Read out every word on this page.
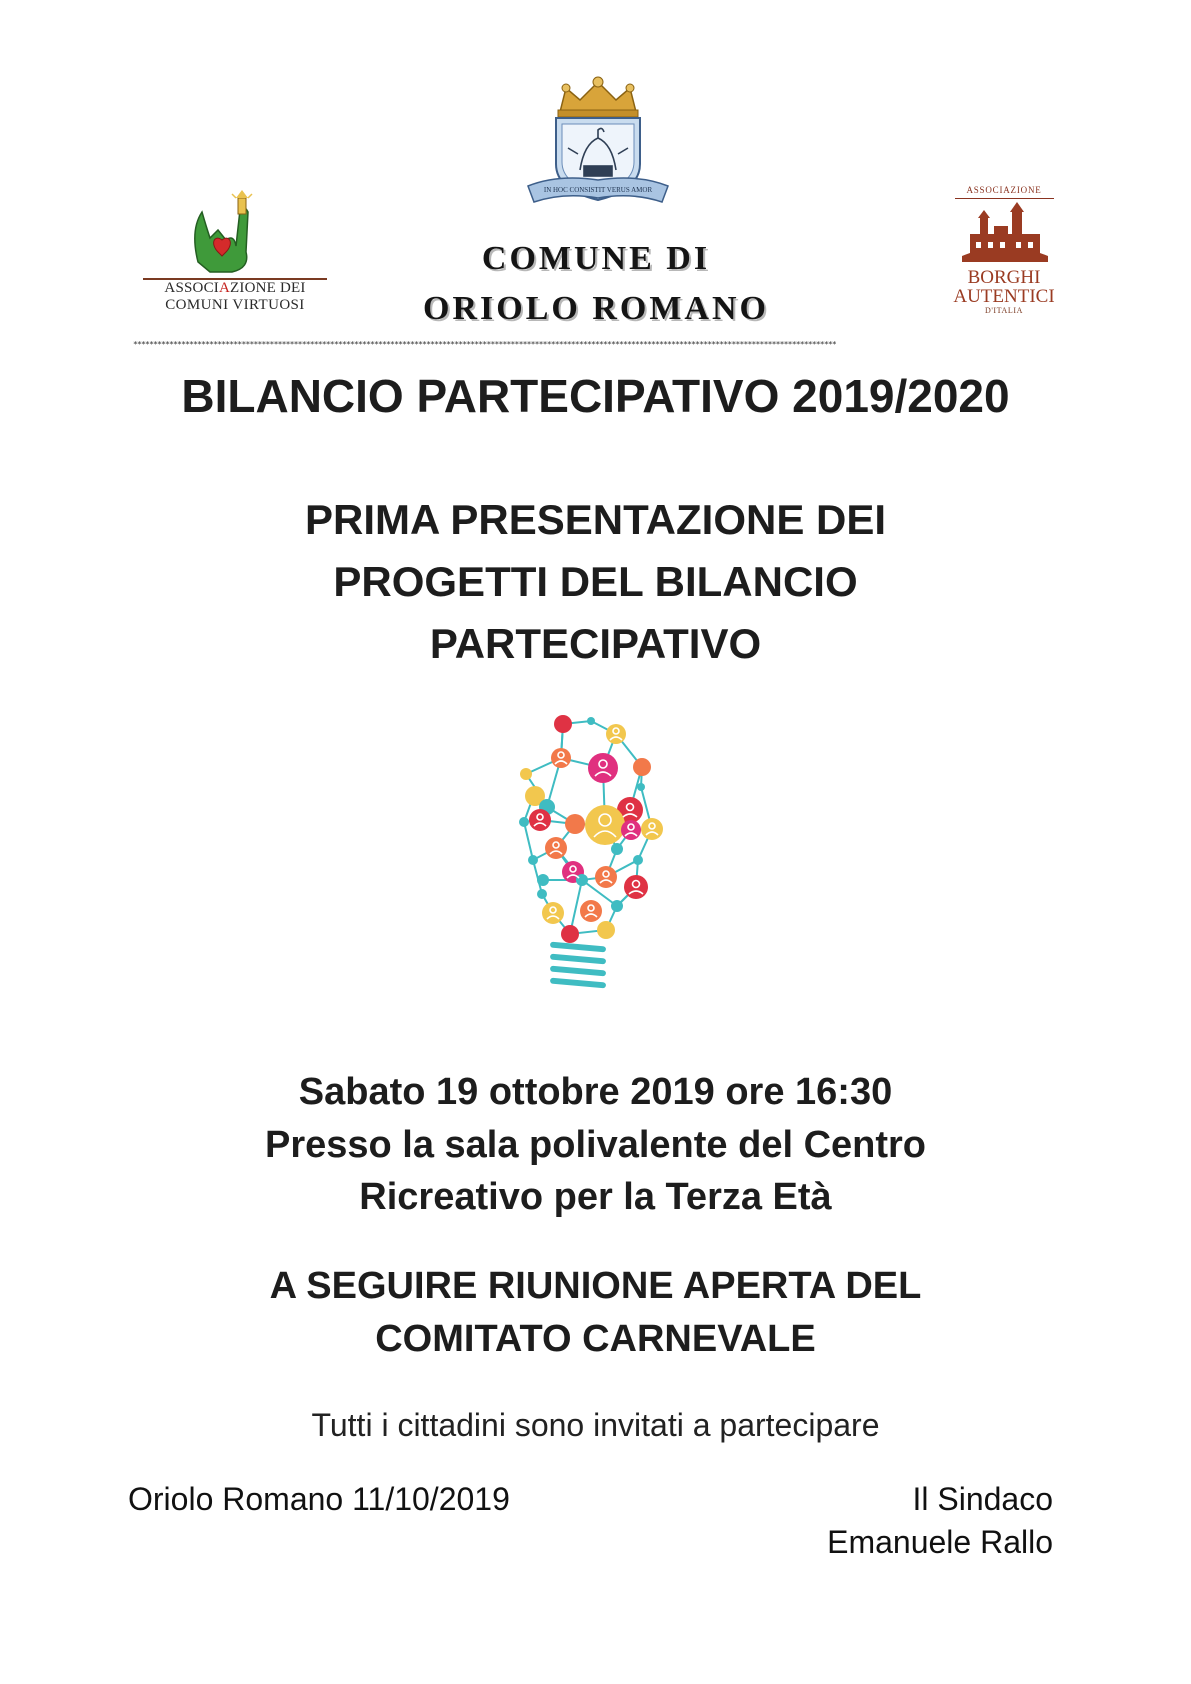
IN HOC CONSISTIT VERUS AMOR
ASSOCIAZIONE DEI
COMUNI VIRTUOSI
ASSOCIAZIONE
BORGHI
AUTENTICI
D'ITALIA
COMUNE DI
ORIOLO ROMANO
*******************************************************************************************************************************************************************************
BILANCIO PARTECIPATIVO 2019/2020
PRIMA PRESENTAZIONE DEI
PROGETTI DEL BILANCIO
PARTECIPATIVO
Sabato 19 ottobre 2019 ore 16:30
Presso la sala polivalente del Centro
Ricreativo per la Terza Età
A SEGUIRE RIUNIONE APERTA DEL
COMITATO CARNEVALE
Tutti i cittadini sono invitati a partecipare
Oriolo Romano 11/10/2019	Il Sindaco
Emanuele Rallo
